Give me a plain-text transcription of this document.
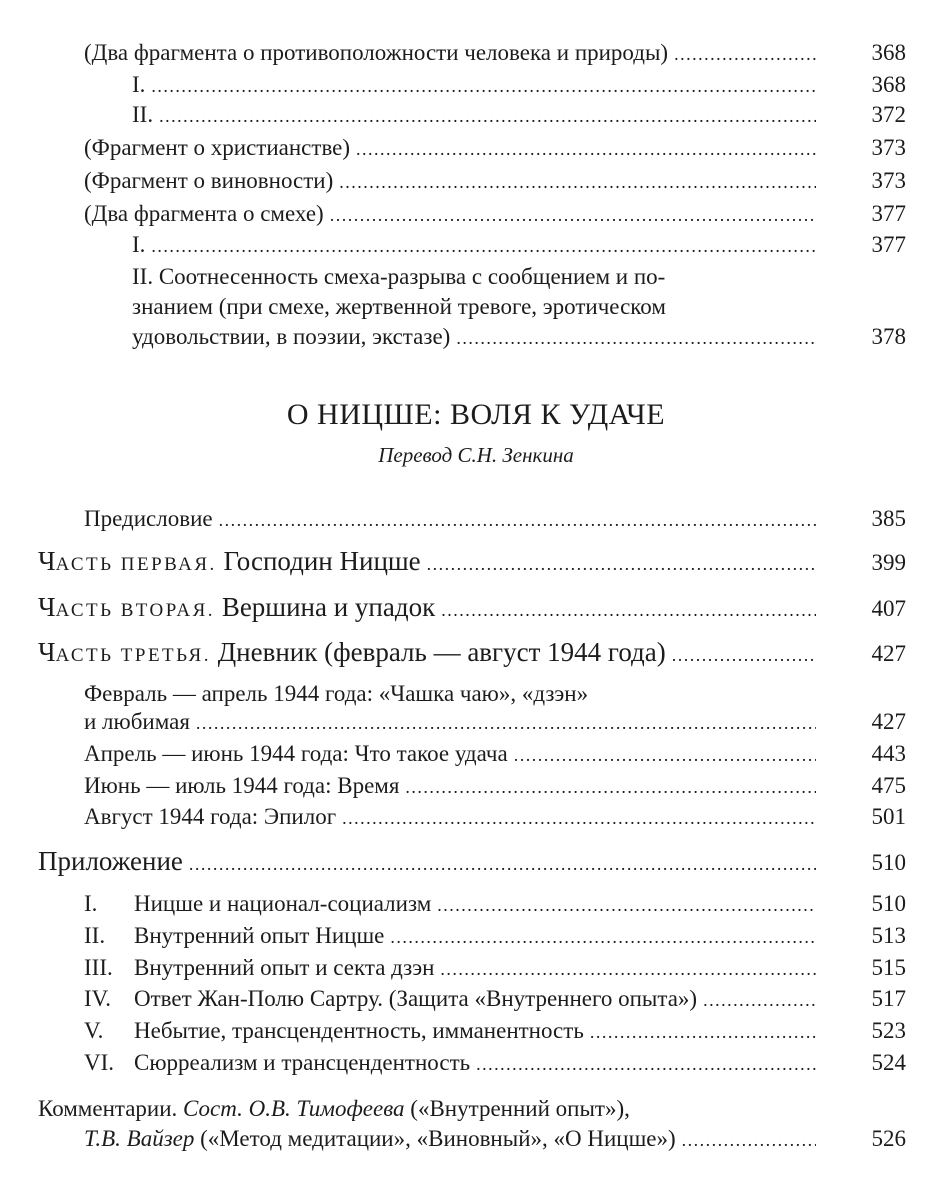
(Два фрагмента о противоположности человека и природы) . . .	368
I. . . .	368
II. . . .	372
(Фрагмент о христианстве) . . .	373
(Фрагмент о виновности) . . .	373
(Два фрагмента о смехе) . . .	377
I. . . .	377
II. Соотнесенность смеха-разрыва с сообщением и по-
знанием (при смехе, жертвенной тревоге, эротическом
удовольствии, в поэзии, экстазе) . . .	378
О НИЦШЕ: ВОЛЯ К УДАЧЕ
Перевод С.Н. Зенкина
Предисловие . . .	385
ЧАСТЬ ПЕРВАЯ. Господин Ницше . . .	399
ЧАСТЬ ВТОРАЯ. Вершина и упадок . . .	407
ЧАСТЬ ТРЕТЬЯ. Дневник (февраль — август 1944 года) . . .	427
Февраль — апрель 1944 года: «Чашка чаю», «дзэн»
и любимая . . .	427
Апрель — июнь 1944 года: Что такое удача . . .	443
Июнь — июль 1944 года: Время . . .	475
Август 1944 года: Эпилог . . .	501
Приложение . . .	510
I. Ницше и национал-социализм . . .	510
II. Внутренний опыт Ницше . . .	513
III. Внутренний опыт и секта дзэн . . .	515
IV. Ответ Жан-Полю Сартру. (Защита «Внутреннего опыта») . . .	517
V. Небытие, трансцендентность, имманентность . . .	523
VI. Сюрреализм и трансцендентность . . .	524
Комментарии. Сост. О.В. Тимофеева («Внутренний опыт»),
Т.В. Вайзер («Метод медитации», «Виновный», «О Ницше») . . .	526
